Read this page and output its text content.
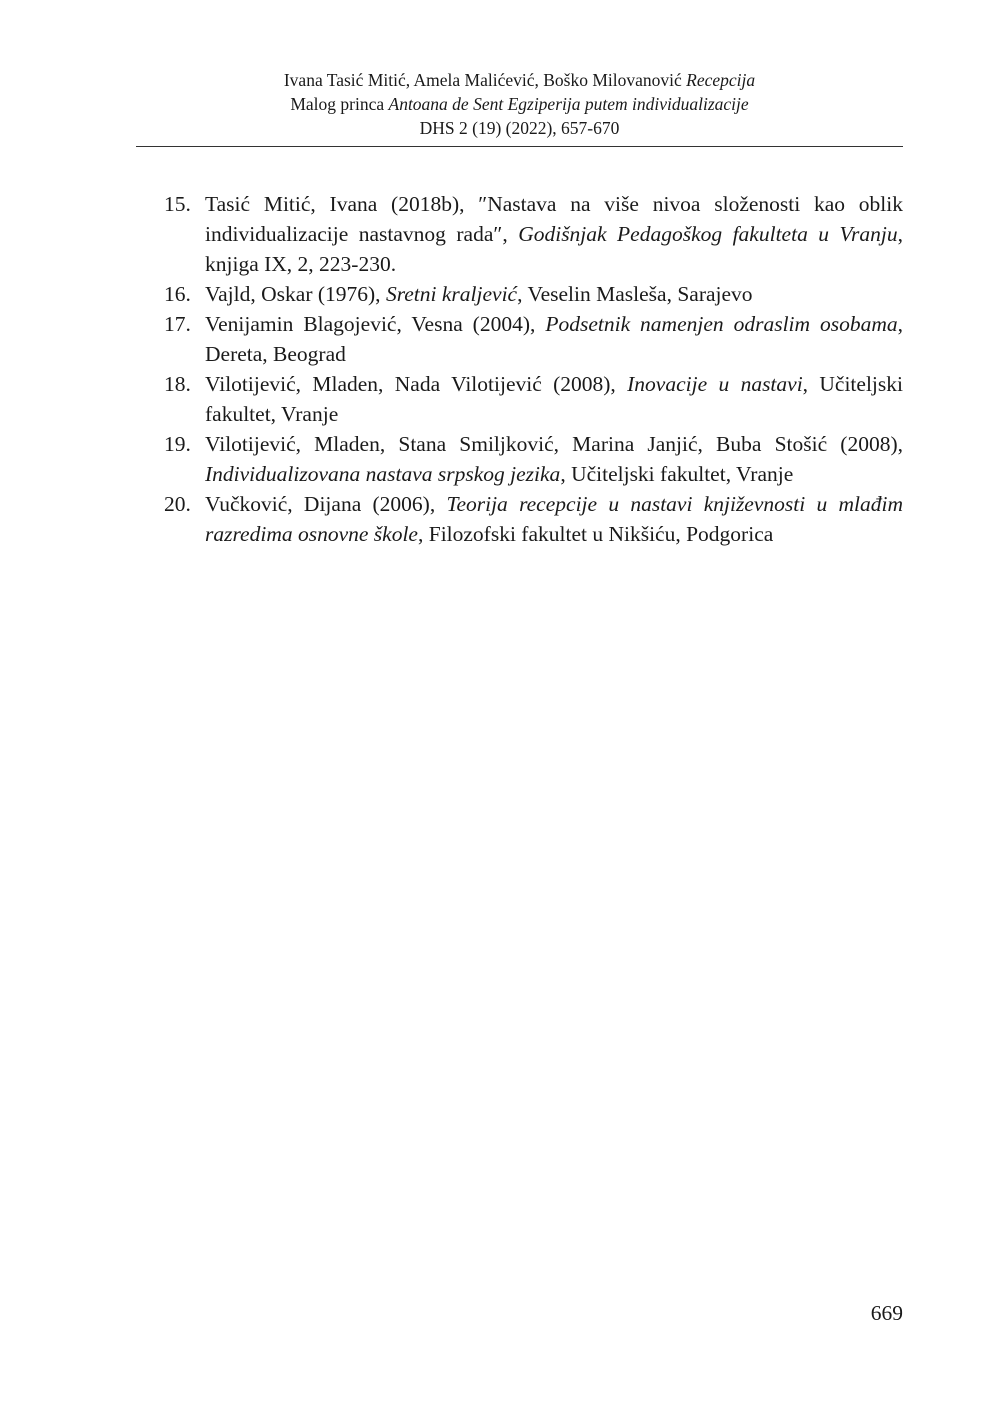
Ivana Tasić Mitić, Amela Malićević, Boško Milovanović Recepcija
Malog princa Antoana de Sent Egziperija putem individualizacije
DHS 2 (19) (2022), 657-670
15. Tasić Mitić, Ivana (2018b), ″Nastava na više nivoa složenosti kao oblik individualizacije nastavnog rada″, Godišnjak Pedagoškog fakulteta u Vranju, knjiga IX, 2, 223-230.
16. Vajld, Oskar (1976), Sretni kraljević, Veselin Masleša, Sarajevo
17. Venijamin Blagojević, Vesna (2004), Podsetnik namenjen odraslim osobama, Dereta, Beograd
18. Vilotijević, Mladen, Nada Vilotijević (2008), Inovacije u nastavi, Učiteljski fakultet, Vranje
19. Vilotijević, Mladen, Stana Smiljković, Marina Janjić, Buba Stošić (2008), Individualizovana nastava srpskog jezika, Učiteljski fakultet, Vranje
20. Vučković, Dijana (2006), Teorija recepcije u nastavi književnosti u mlađim razredima osnovne škole, Filozofski fakultet u Nikšiću, Podgorica
669
